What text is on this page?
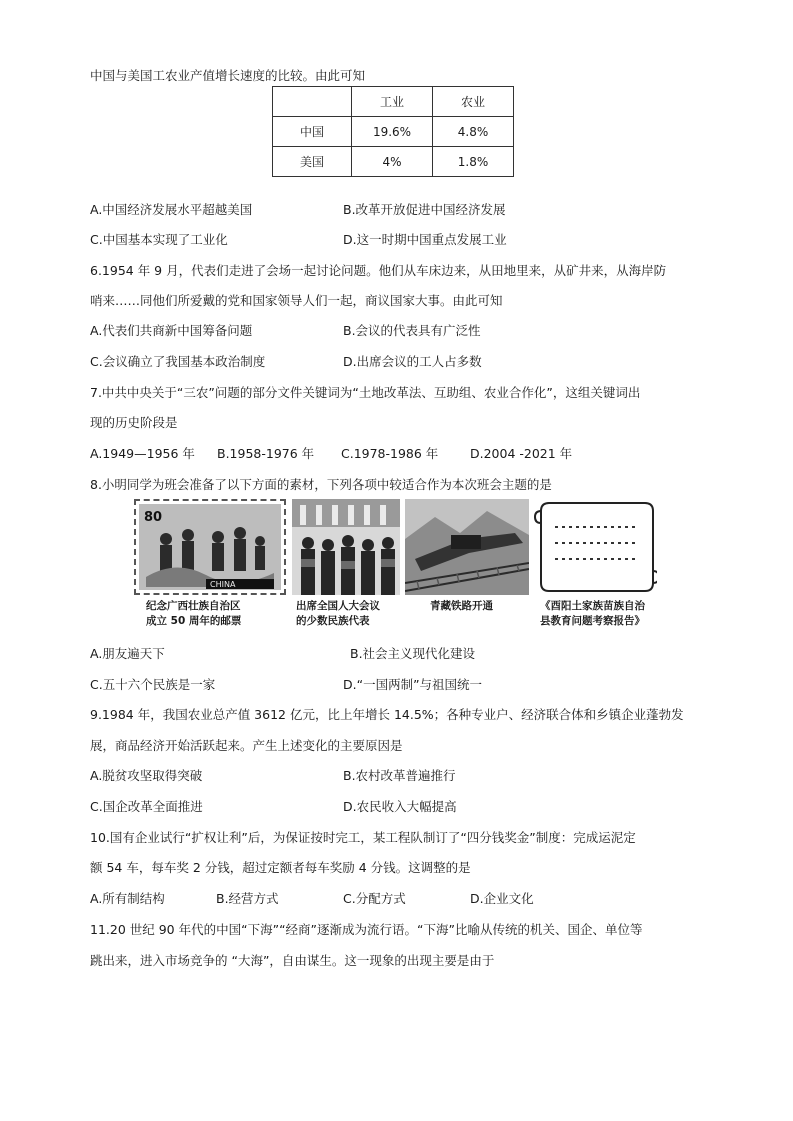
中国与美国工农业产值增长速度的比较。由此可知
	工业	农业
中国	19.6%	4.8%
美国	4%	1.8%
A.中国经济发展水平超越美国	B.改革开放促进中国经济发展
C.中国基本实现了工业化	D.这一时期中国重点发展工业
6.1954 年 9 月，代表们走进了会场一起讨论问题。他们从车床边来，从田地里来，从矿井来，从海岸防
哨来……同他们所爱戴的党和国家领导人们一起，商议国家大事。由此可知
A.代表们共商新中国筹备问题	B.会议的代表具有广泛性
C.会议确立了我国基本政治制度	D.出席会议的工人占多数
7.中共中央关于“三农”问题的部分文件关键词为“土地改革法、互助组、农业合作化”，这组关键词出
现的历史阶段是
A.1949—1956 年 B.1958-1976 年 C.1978-1986 年	D.2004 -2021 年
8.小明同学为班会准备了以下方面的素材，下列各项中较适合作为本次班会主题的是
80
CHINA
纪念广西壮族自治区
成立 50 周年的邮票
出席全国人大会议
的少数民族代表
青藏铁路开通	《酉阳土家族苗族自治
县教育问题考察报告》
A.朋友遍天下	B.社会主义现代化建设
C.五十六个民族是一家	D.“一国两制”与祖国统一
9.1984 年，我国农业总产值 3612 亿元，比上年增长 14.5%；各种专业户、经济联合体和乡镇企业蓬勃发
展，商品经济开始活跃起来。产生上述变化的主要原因是
A.脱贫攻坚取得突破	B.农村改革普遍推行
C.国企改革全面推进	D.农民收入大幅提高
10.国有企业试行“扩权让利”后，为保证按时完工，某工程队制订了“四分钱奖金”制度：完成运泥定
额 54 车，每车奖 2 分钱，超过定额者每车奖励 4 分钱。这调整的是
A.所有制结构	B.经营方式	C.分配方式	D.企业文化
11.20 世纪 90 年代的中国“下海”“经商”逐渐成为流行语。“下海”比喻从传统的机关、国企、单位等
跳出来，进入市场竞争的 “大海”，自由谋生。这一现象的出现主要是由于
